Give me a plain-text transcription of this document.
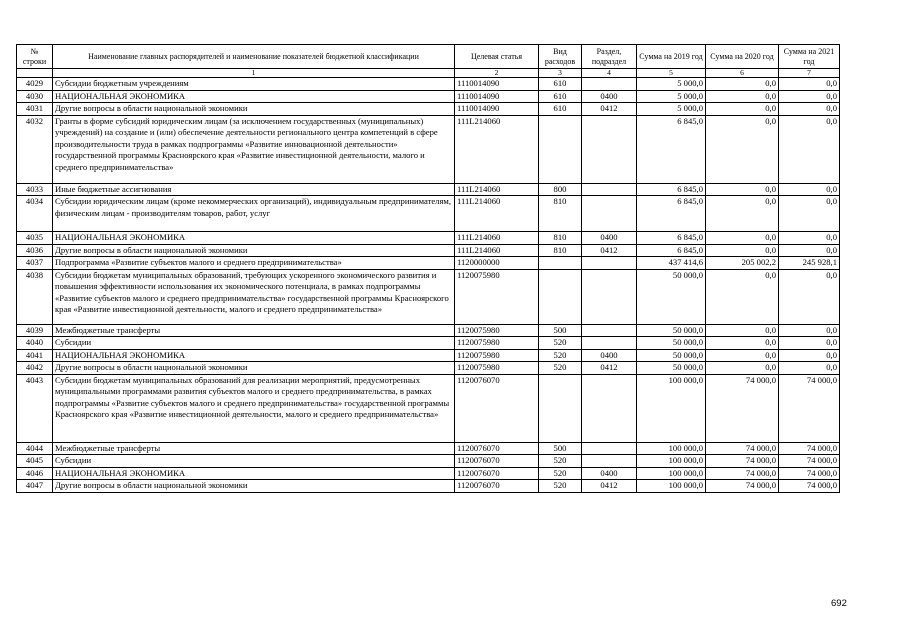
№ строки	Наименование главных распорядителей и наименование показателей бюджетной классификации	Целевая статья	Вид расходов	Раздел, подраздел	Сумма на 2019 год	Сумма на 2020 год	Сумма на 2021 год
	1	2	3	4	5	6	7
4029	Субсидии бюджетным учреждениям	1110014090	610		5 000,0	0,0	0,0
4030	НАЦИОНАЛЬНАЯ ЭКОНОМИКА	1110014090	610	0400	5 000,0	0,0	0,0
4031	Другие вопросы в области национальной экономики	1110014090	610	0412	5 000,0	0,0	0,0
4032	Гранты в форме субсидий юридическим лицам (за исключением государственных (муниципальных) учреждений) на создание и (или) обеспечение деятельности регионального центра компетенций в сфере производительности труда в рамках подпрограммы «Развитие инновационной деятельности» государственной программы Красноярского края «Развитие инвестиционной деятельности, малого и среднего предпринимательства»	111L214060			6 845,0	0,0	0,0
4033	Иные бюджетные ассигнования	111L214060	800		6 845,0	0,0	0,0
4034	Субсидии юридическим лицам (кроме некоммерческих организаций), индивидуальным предпринимателям, физическим лицам - производителям товаров, работ, услуг	111L214060	810		6 845,0	0,0	0,0
4035	НАЦИОНАЛЬНАЯ ЭКОНОМИКА	111L214060	810	0400	6 845,0	0,0	0,0
4036	Другие вопросы в области национальной экономики	111L214060	810	0412	6 845,0	0,0	0,0
4037	Подпрограмма «Развитие субъектов малого и среднего предпринимательства»	1120000000			437 414,6	205 002,2	245 928,1
4038	Субсидии бюджетам муниципальных образований, требующих ускоренного экономического развития и повышения эффективности использования их экономического потенциала, в рамках подпрограммы «Развитие субъектов малого и среднего предпринимательства» государственной программы Красноярского края «Развитие инвестиционной деятельности, малого и среднего предпринимательства»	1120075980			50 000,0	0,0	0,0
4039	Межбюджетные трансферты	1120075980	500		50 000,0	0,0	0,0
4040	Субсидии	1120075980	520		50 000,0	0,0	0,0
4041	НАЦИОНАЛЬНАЯ ЭКОНОМИКА	1120075980	520	0400	50 000,0	0,0	0,0
4042	Другие вопросы в области национальной экономики	1120075980	520	0412	50 000,0	0,0	0,0
4043	Субсидии бюджетам муниципальных образований для реализации мероприятий, предусмотренных муниципальными программами развития субъектов малого и среднего предпринимательства, в рамках подпрограммы «Развитие субъектов малого и среднего предпринимательства» государственной программы Красноярского края «Развитие инвестиционной деятельности, малого и среднего предпринимательства»	1120076070			100 000,0	74 000,0	74 000,0
4044	Межбюджетные трансферты	1120076070	500		100 000,0	74 000,0	74 000,0
4045	Субсидии	1120076070	520		100 000,0	74 000,0	74 000,0
4046	НАЦИОНАЛЬНАЯ ЭКОНОМИКА	1120076070	520	0400	100 000,0	74 000,0	74 000,0
4047	Другие вопросы в области национальной экономики	1120076070	520	0412	100 000,0	74 000,0	74 000,0
692
